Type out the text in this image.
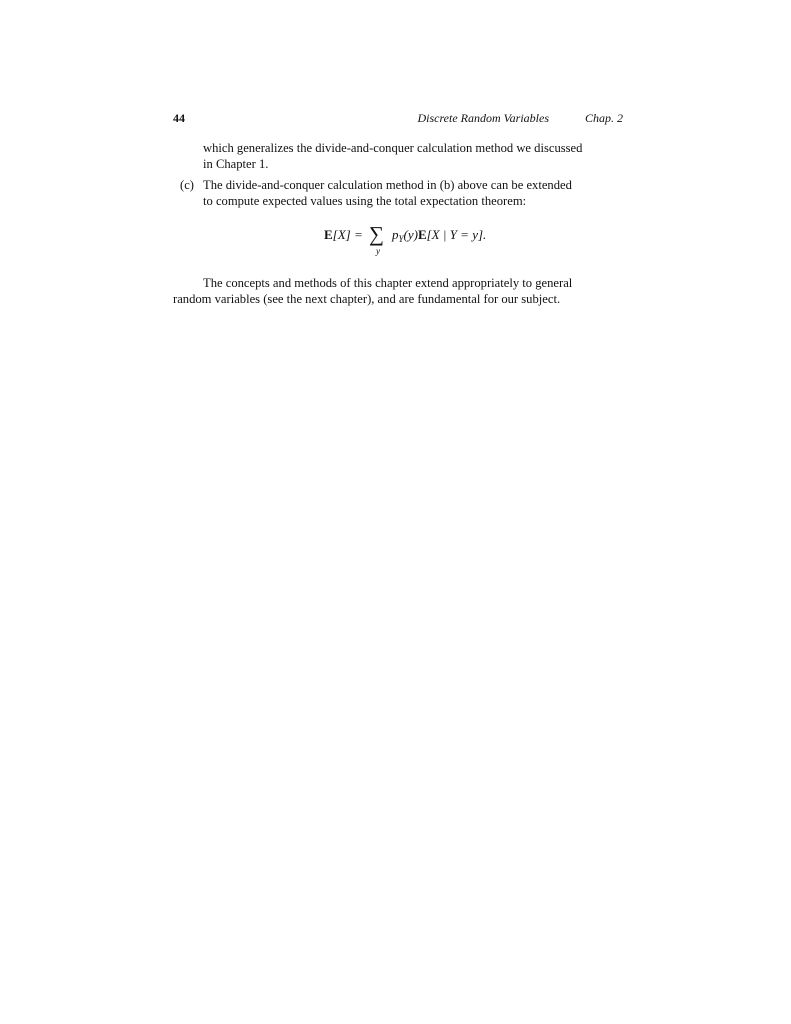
44	Discrete Random Variables	Chap. 2
which generalizes the divide-and-conquer calculation method we discussed
in Chapter 1.
(c) The divide-and-conquer calculation method in (b) above can be extended
to compute expected values using the total expectation theorem:
E[X] = ∑
y
$p_Y(y)E[X$ | Y = y].
The concepts and methods of this chapter extend appropriately to general
random variables (see the next chapter), and are fundamental for our subject.
